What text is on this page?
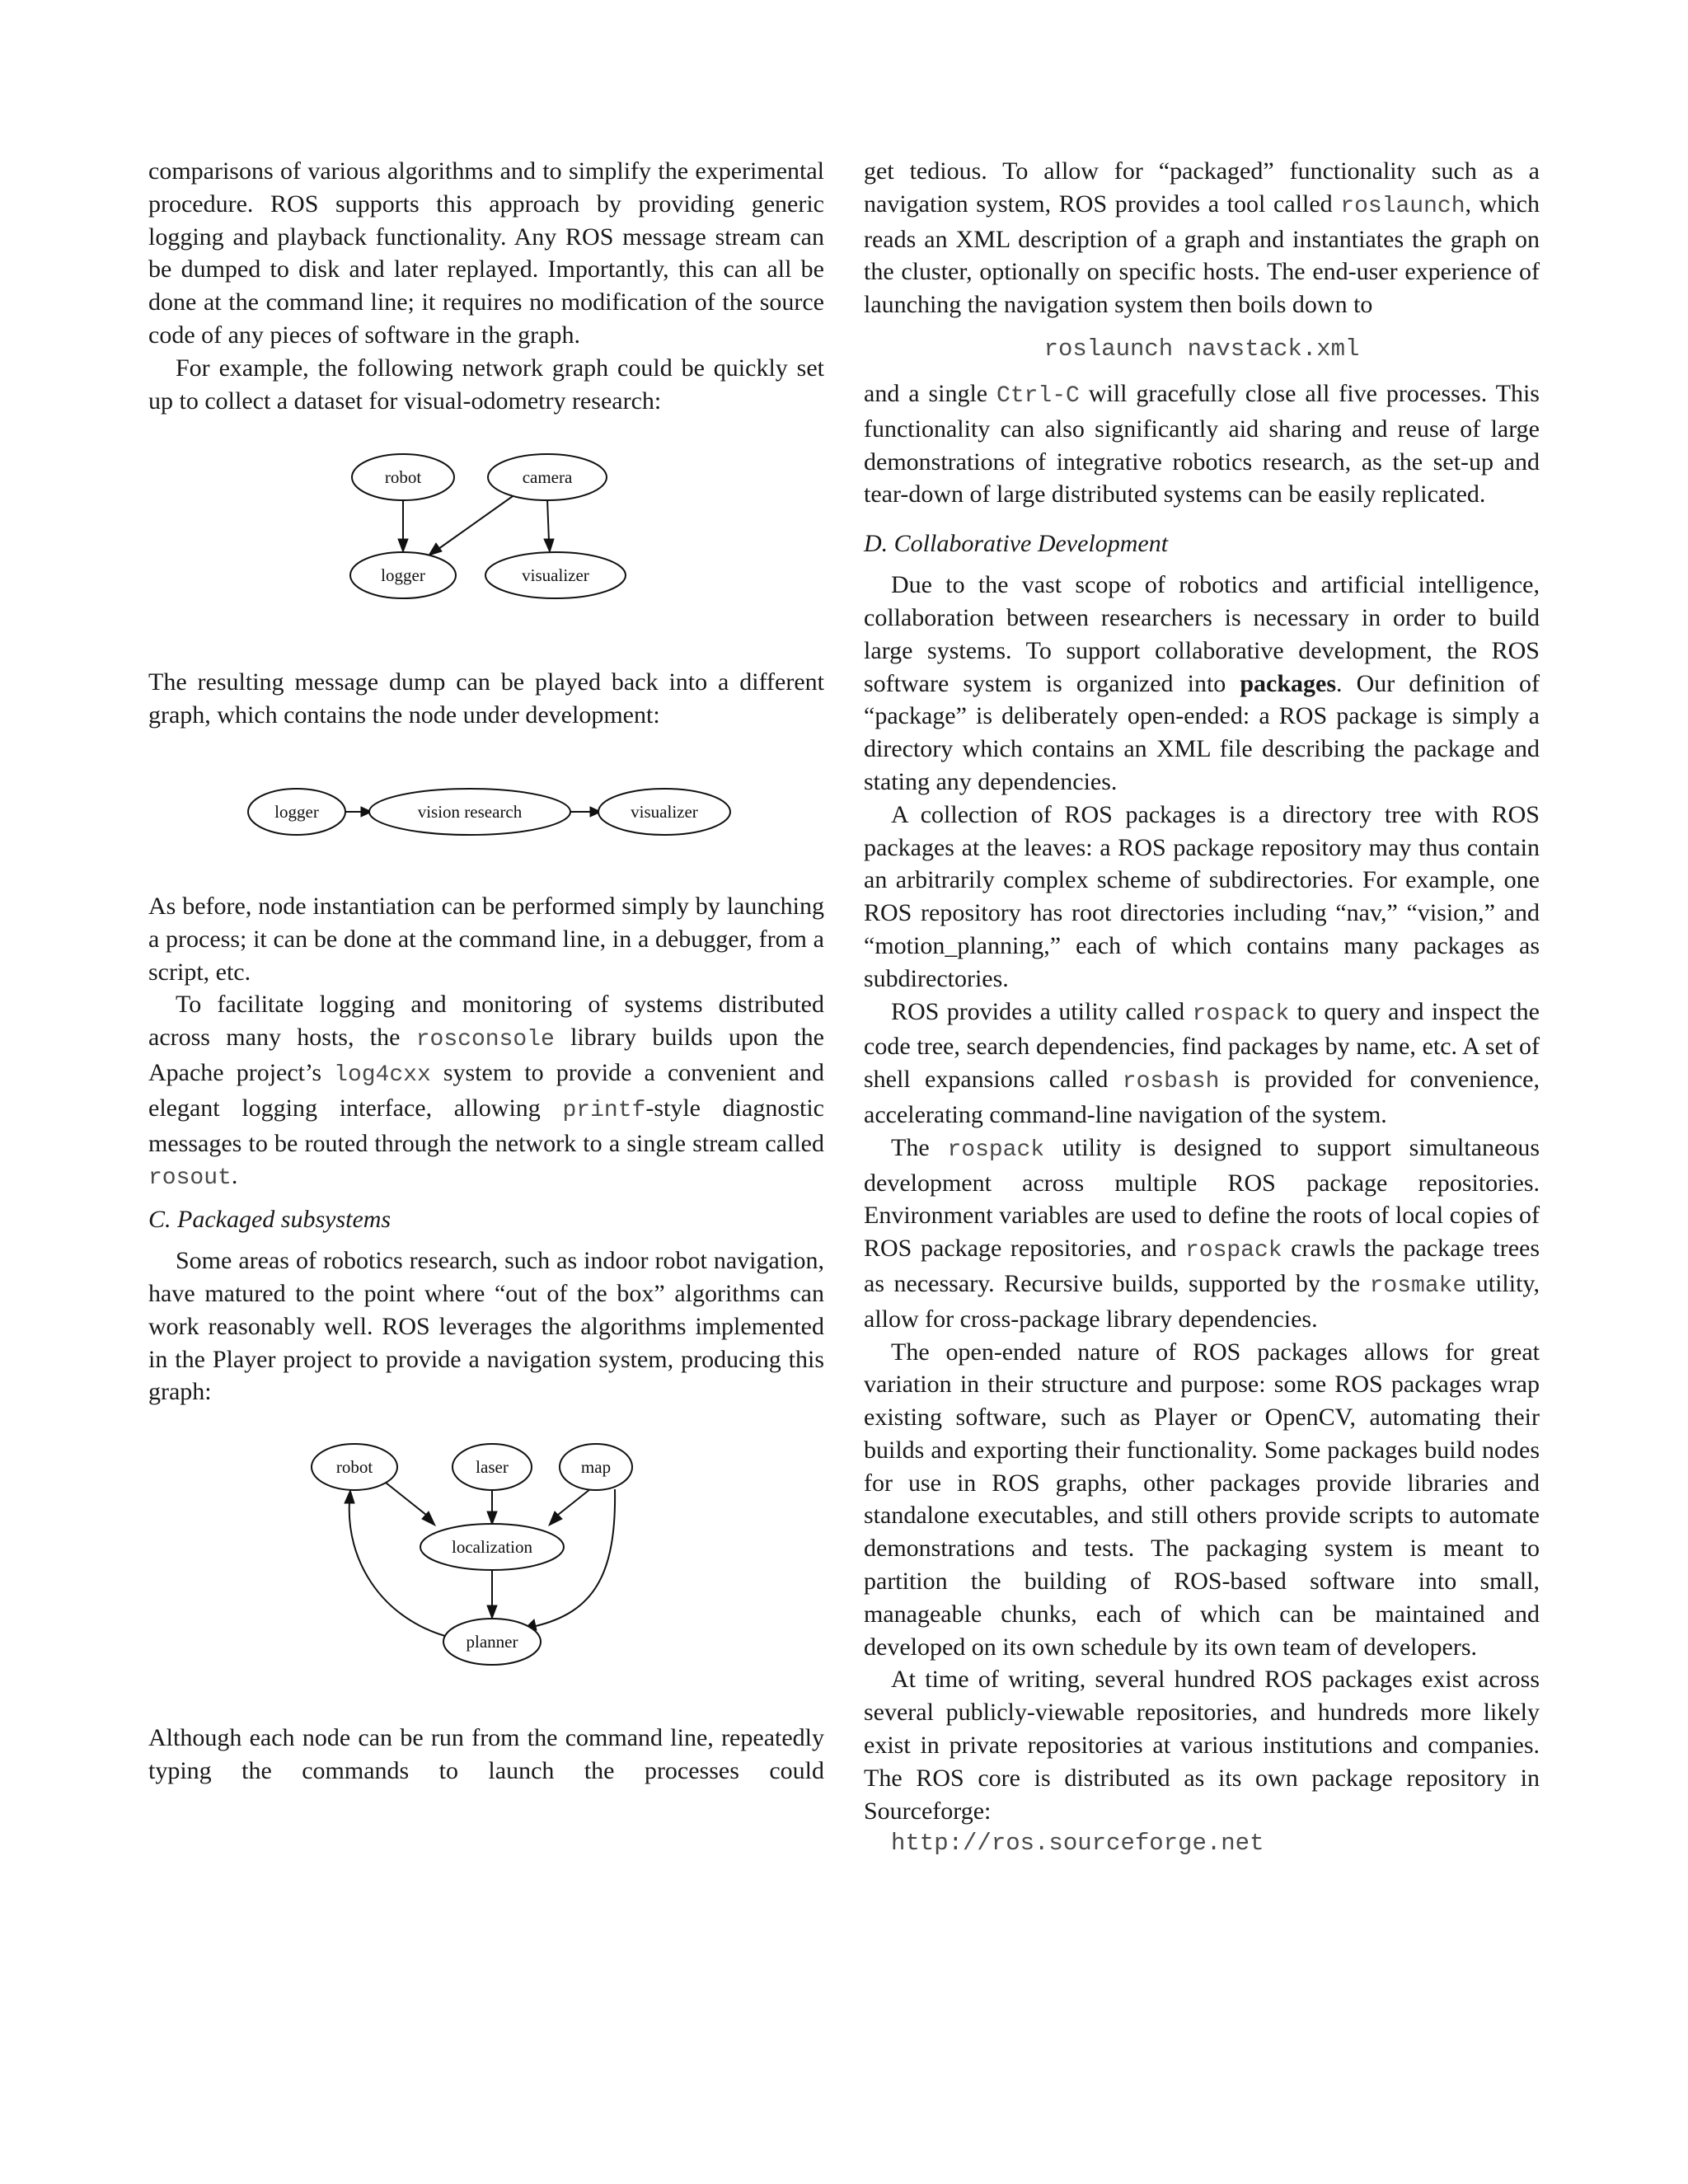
comparisons of various algorithms and to simplify the experimental procedure. ROS supports this approach by providing generic logging and playback functionality. Any ROS message stream can be dumped to disk and later replayed. Importantly, this can all be done at the command line; it requires no modification of the source code of any pieces of software in the graph.

For example, the following network graph could be quickly set up to collect a dataset for visual-odometry research:

robot	camera
logger	visualizer

The resulting message dump can be played back into a different graph, which contains the node under development:

logger	vision research	visualizer

As before, node instantiation can be performed simply by launching a process; it can be done at the command line, in a debugger, from a script, etc.

To facilitate logging and monitoring of systems distributed across many hosts, the rosconsole library builds upon the Apache project’s log4cxx system to provide a convenient and elegant logging interface, allowing printf-style diagnostic messages to be routed through the network to a single stream called rosout.

C. Packaged subsystems

Some areas of robotics research, such as indoor robot navigation, have matured to the point where “out of the box” algorithms can work reasonably well. ROS leverages the algorithms implemented in the Player project to provide a navigation system, producing this graph:

robot	laser	map
localization
planner

Although each node can be run from the command line, repeatedly typing the commands to launch the processes could

get tedious. To allow for “packaged” functionality such as a navigation system, ROS provides a tool called roslaunch, which reads an XML description of a graph and instantiates the graph on the cluster, optionally on specific hosts. The end-user experience of launching the navigation system then boils down to

roslaunch navstack.xml

and a single Ctrl-C will gracefully close all five processes. This functionality can also significantly aid sharing and reuse of large demonstrations of integrative robotics research, as the set-up and tear-down of large distributed systems can be easily replicated.

D. Collaborative Development

Due to the vast scope of robotics and artificial intelligence, collaboration between researchers is necessary in order to build large systems. To support collaborative development, the ROS software system is organized into packages. Our definition of “package” is deliberately open-ended: a ROS package is simply a directory which contains an XML file describing the package and stating any dependencies.

A collection of ROS packages is a directory tree with ROS packages at the leaves: a ROS package repository may thus contain an arbitrarily complex scheme of subdirectories. For example, one ROS repository has root directories including “nav,” “vision,” and “motion_planning,” each of which contains many packages as subdirectories.

ROS provides a utility called rospack to query and inspect the code tree, search dependencies, find packages by name, etc. A set of shell expansions called rosbash is provided for convenience, accelerating command-line navigation of the system.

The rospack utility is designed to support simultaneous development across multiple ROS package repositories. Environment variables are used to define the roots of local copies of ROS package repositories, and rospack crawls the package trees as necessary. Recursive builds, supported by the rosmake utility, allow for cross-package library dependencies.

The open-ended nature of ROS packages allows for great variation in their structure and purpose: some ROS packages wrap existing software, such as Player or OpenCV, automating their builds and exporting their functionality. Some packages build nodes for use in ROS graphs, other packages provide libraries and standalone executables, and still others provide scripts to automate demonstrations and tests. The packaging system is meant to partition the building of ROS-based software into small, manageable chunks, each of which can be maintained and developed on its own schedule by its own team of developers.

At time of writing, several hundred ROS packages exist across several publicly-viewable repositories, and hundreds more likely exist in private repositories at various institutions and companies. The ROS core is distributed as its own package repository in Sourceforge:

http://ros.sourceforge.net
